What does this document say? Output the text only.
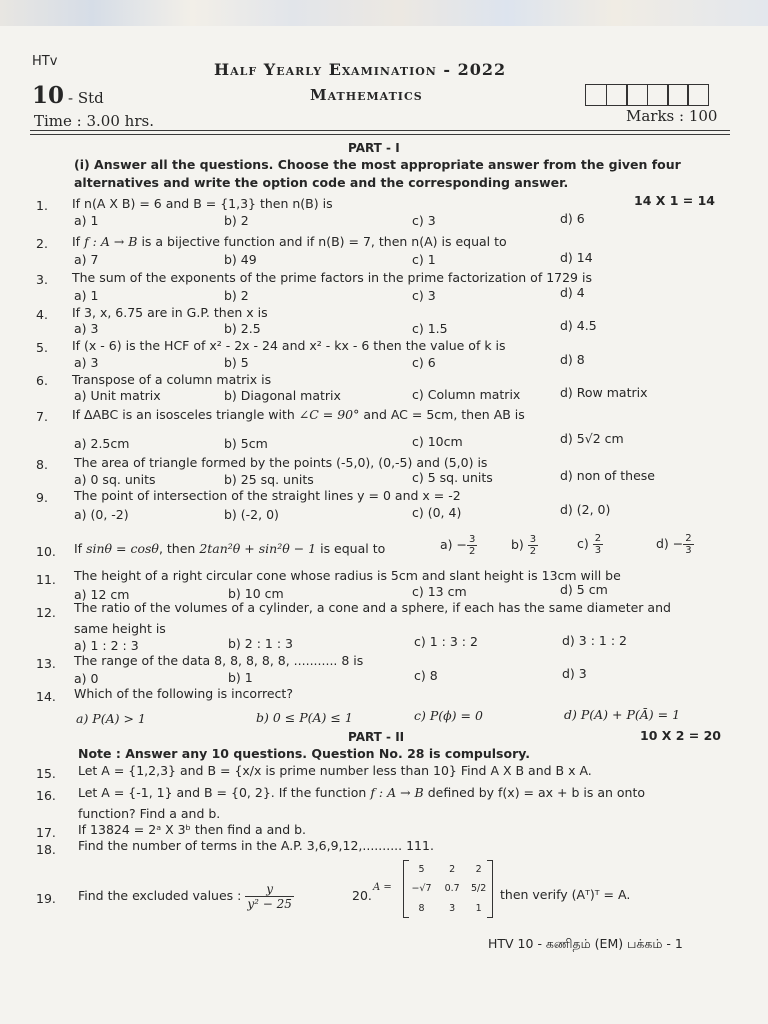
HTv	Half Yearly Examination - 2022
10 - Std	Mathematics
Time : 3.00 hrs.	Marks : 100
PART - I
(i) Answer all the questions. Choose the most appropriate answer from the given four
alternatives and write the option code and the corresponding answer.
14 X 1 = 14
1. If n(A X B) = 6 and B = {1,3} then n(B) is
a) 1	b) 2	c) 3	d) 6
2. If f : A → B is a bijective function and if n(B) = 7, then n(A) is equal to
a) 7	b) 49	c) 1	d) 14
3. The sum of the exponents of the prime factors in the prime factorization of 1729 is
a) 1	b) 2	c) 3	d) 4
4. If 3, x, 6.75 are in G.P. then x is
a) 3	b) 2.5	c) 1.5	d) 4.5
5. If (x - 6) is the HCF of x² - 2x - 24 and x² - kx - 6 then the value of k is
a) 3	b) 5	c) 6	d) 8
6. Transpose of a column matrix is
a) Unit matrix	b) Diagonal matrix	c) Column matrix	d) Row matrix
7. If ΔABC is an isosceles triangle with ∠C = 90° and AC = 5cm, then AB is
a) 2.5cm	b) 5cm	c) 10cm	d) 5√2 cm
8. The area of triangle formed by the points (-5,0), (0,-5) and (5,0) is
a) 0 sq. units	b) 25 sq. units	c) 5 sq. units	d) non of these
9. The point of intersection of the straight lines y = 0 and x = -2
a) (0, -2)	b) (-2, 0)	c) (0, 4)	d) (2, 0)
10. If sinθ = cosθ, then 2tan²θ + sin²θ − 1 is equal to	$a) - \frac{3}{2}$	$b) \frac{3}{2}$	$c) \frac{2}{3}$	$d) - \frac{2}{3}$
11. The height of a right circular cone whose radius is 5cm and slant height is 13cm will be
a) 12 cm	b) 10 cm	c) 13 cm	d) 5 cm
12. The ratio of the volumes of a cylinder, a cone and a sphere, if each has the same diameter and
same height is
a) 1 : 2 : 3	b) 2 : 1 : 3	c) 1 : 3 : 2	d) 3 : 1 : 2
13. The range of the data 8, 8, 8, 8, 8, ........... 8 is
a) 0	b) 1	c) 8	d) 3
14. Which of the following is incorrect?
a) P(A) > 1	b) 0 ≤ P(A) ≤ 1	c) P(ϕ) = 0	d) P(A) + P(Ā) = 1
PART - II	10 X 2 = 20
Note : Answer any 10 questions. Question No. 28 is compulsory.
15. Let A = {1,2,3} and B = {x/x is prime number less than 10} Find A X B and B x A.
16. Let A = {-1, 1} and B = {0, 2}. If the function f : A → B defined by f(x) = ax + b is an onto
function? Find a and b.
17. If 13824 = 2ᵃ X 3ᵇ then find a and b.
18. Find the number of terms in the A.P. 3,6,9,12,.......... 111.
19. Find the excluded values : $\frac{y}{\text{y² − 25}}$	20.
A =
5	2	2
−√7	0.7	5/2
8	3	1
then verify (Aᵀ)ᵀ = A.
HTV 10 - கணிதம் (EM) பக்கம் - 1
